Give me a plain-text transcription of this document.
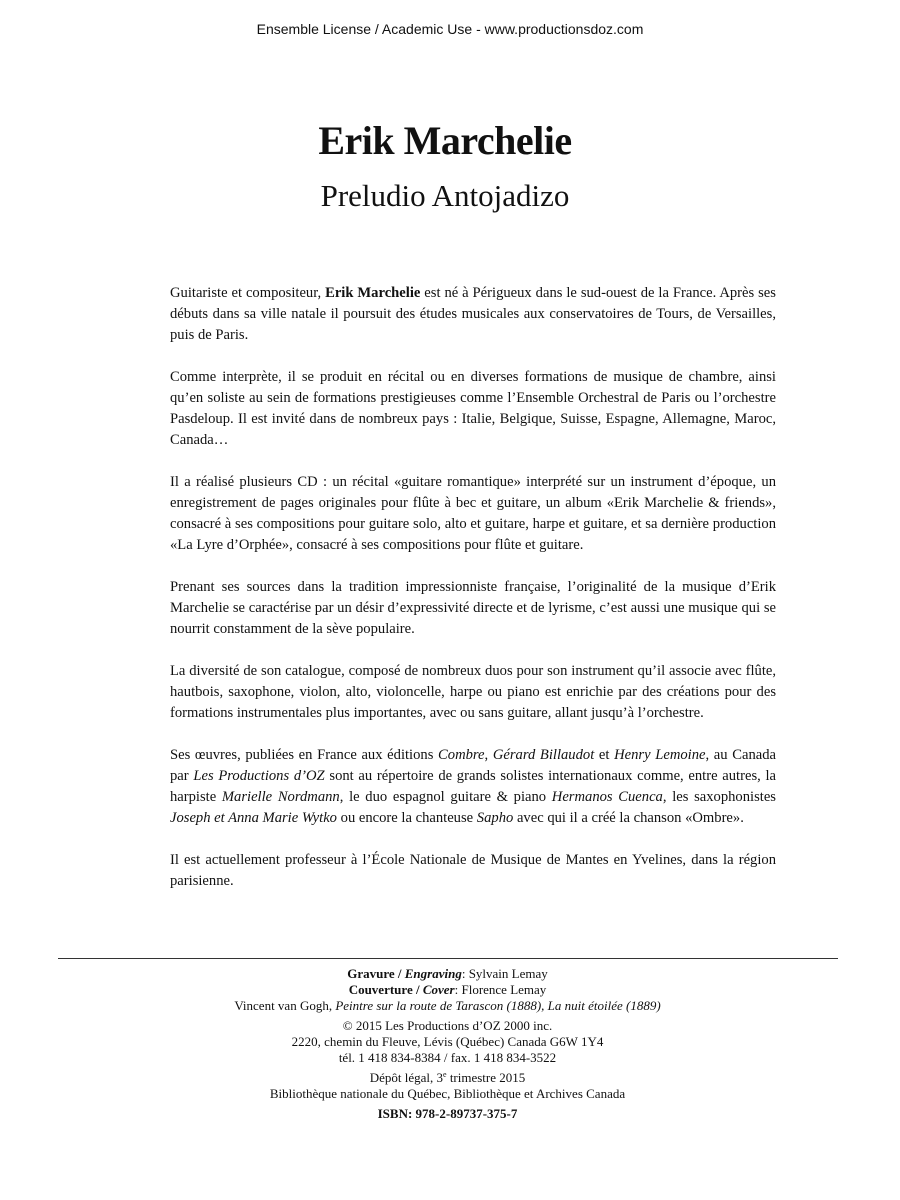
Ensemble License / Academic Use - www.productionsdoz.com
Erik Marchelie
Preludio Antojadizo

Guitariste et compositeur, Erik Marchelie est né à Périgueux dans le sud-ouest de la France. Après ses débuts dans sa ville natale il poursuit des études musicales aux conservatoires de Tours, de Versailles, puis de Paris.

Comme interprète, il se produit en récital ou en diverses formations de musique de chambre, ainsi qu’en soliste au sein de formations prestigieuses comme l’Ensemble Orchestral de Paris ou l’orchestre Pasdeloup. Il est invité dans de nombreux pays : Italie, Belgique, Suisse, Espagne, Allemagne, Maroc, Canada…

Il a réalisé plusieurs CD : un récital «guitare romantique» interprété sur un instrument d’époque, un enregistrement de pages originales pour flûte à bec et guitare, un album «Erik Marchelie & friends», consacré à ses compositions pour guitare solo, alto et guitare, harpe et guitare, et sa dernière production «La Lyre d’Orphée», consacré à ses compositions pour flûte et guitare.

Prenant ses sources dans la tradition impressionniste française, l’originalité de la musique d’Erik Marchelie se caractérise par un désir d’expressivité directe et de lyrisme, c’est aussi une musique qui se nourrit constamment de la sève populaire.

La diversité de son catalogue, composé de nombreux duos pour son instrument qu’il associe avec flûte, hautbois, saxophone, violon, alto, violoncelle, harpe ou piano est enrichie par des créations pour des formations instrumentales plus importantes, avec ou sans guitare, allant jusqu’à l’orchestre.

Ses œuvres, publiées en France aux éditions Combre, Gérard Billaudot et Henry Lemoine, au Canada par Les Productions d’OZ sont au répertoire de grands solistes internationaux comme, entre autres, la harpiste Marielle Nordmann, le duo espagnol guitare & piano Hermanos Cuenca, les saxophonistes Joseph et Anna Marie Wytko ou encore la chanteuse Sapho avec qui il a créé la chanson «Ombre».

Il est actuellement professeur à l’École Nationale de Musique de Mantes en Yvelines, dans la région parisienne.

Gravure / Engraving: Sylvain Lemay
Couverture / Cover: Florence Lemay
Vincent van Gogh, Peintre sur la route de Tarascon (1888), La nuit étoilée (1889)
© 2015 Les Productions d’OZ 2000 inc.
2220, chemin du Fleuve, Lévis (Québec) Canada G6W 1Y4
tél. 1 418 834-8384 / fax. 1 418 834-3522
Dépôt légal, 3e trimestre 2015
Bibliothèque nationale du Québec, Bibliothèque et Archives Canada
ISBN: 978-2-89737-375-7
